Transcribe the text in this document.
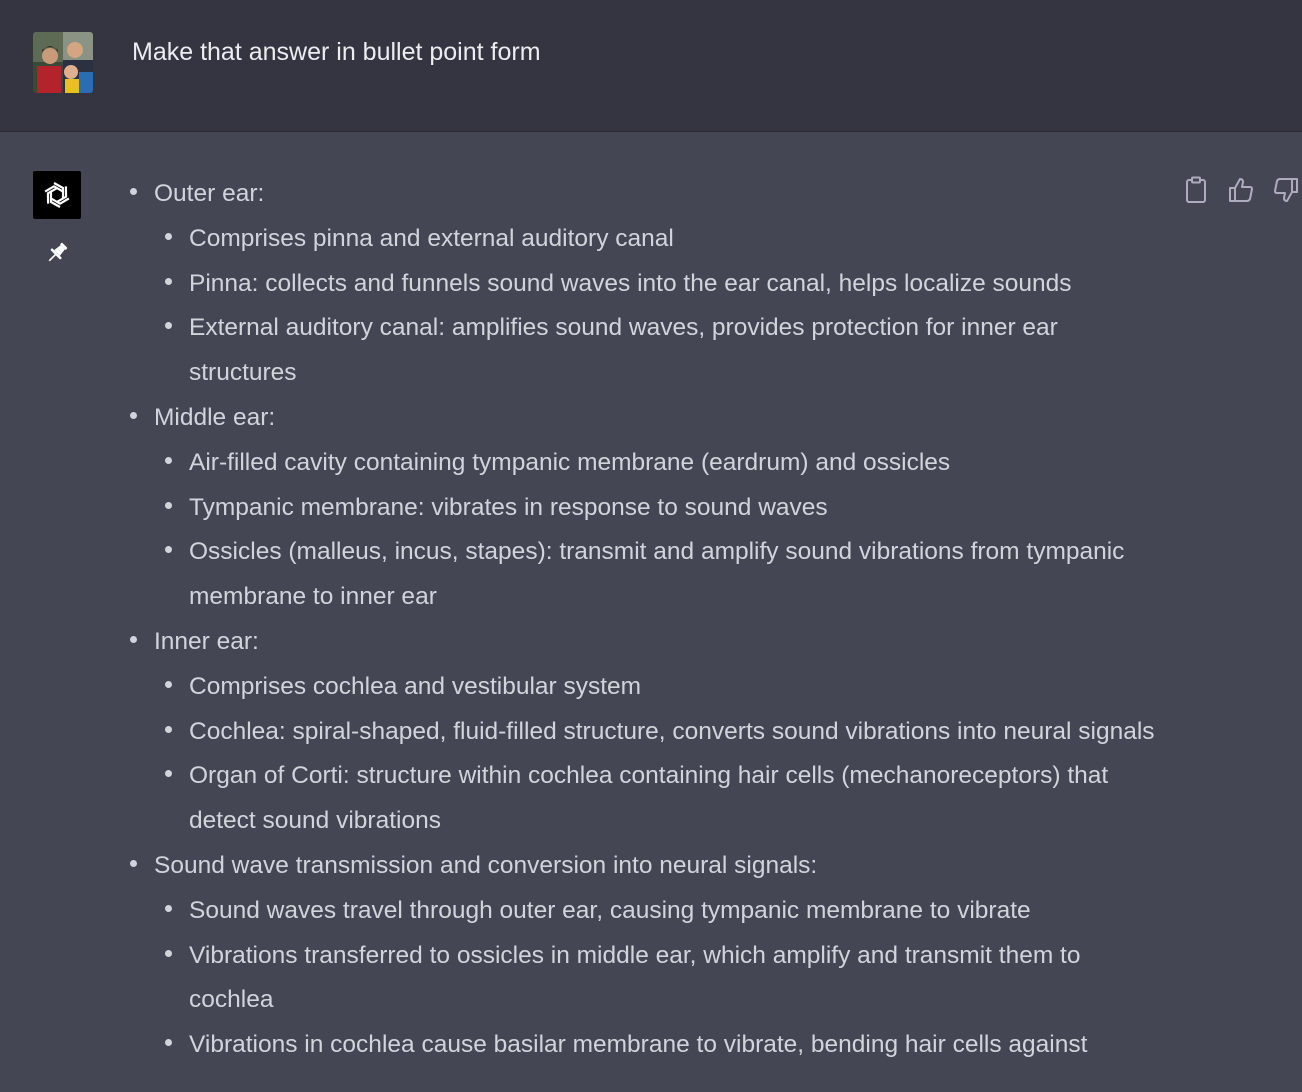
Make that answer in bullet point form
Outer ear:
Comprises pinna and external auditory canal
Pinna: collects and funnels sound waves into the ear canal, helps localize sounds
External auditory canal: amplifies sound waves, provides protection for inner ear structures
Middle ear:
Air-filled cavity containing tympanic membrane (eardrum) and ossicles
Tympanic membrane: vibrates in response to sound waves
Ossicles (malleus, incus, stapes): transmit and amplify sound vibrations from tympanic membrane to inner ear
Inner ear:
Comprises cochlea and vestibular system
Cochlea: spiral-shaped, fluid-filled structure, converts sound vibrations into neural signals
Organ of Corti: structure within cochlea containing hair cells (mechanoreceptors) that detect sound vibrations
Sound wave transmission and conversion into neural signals:
Sound waves travel through outer ear, causing tympanic membrane to vibrate
Vibrations transferred to ossicles in middle ear, which amplify and transmit them to cochlea
Vibrations in cochlea cause basilar membrane to vibrate, bending hair cells against
